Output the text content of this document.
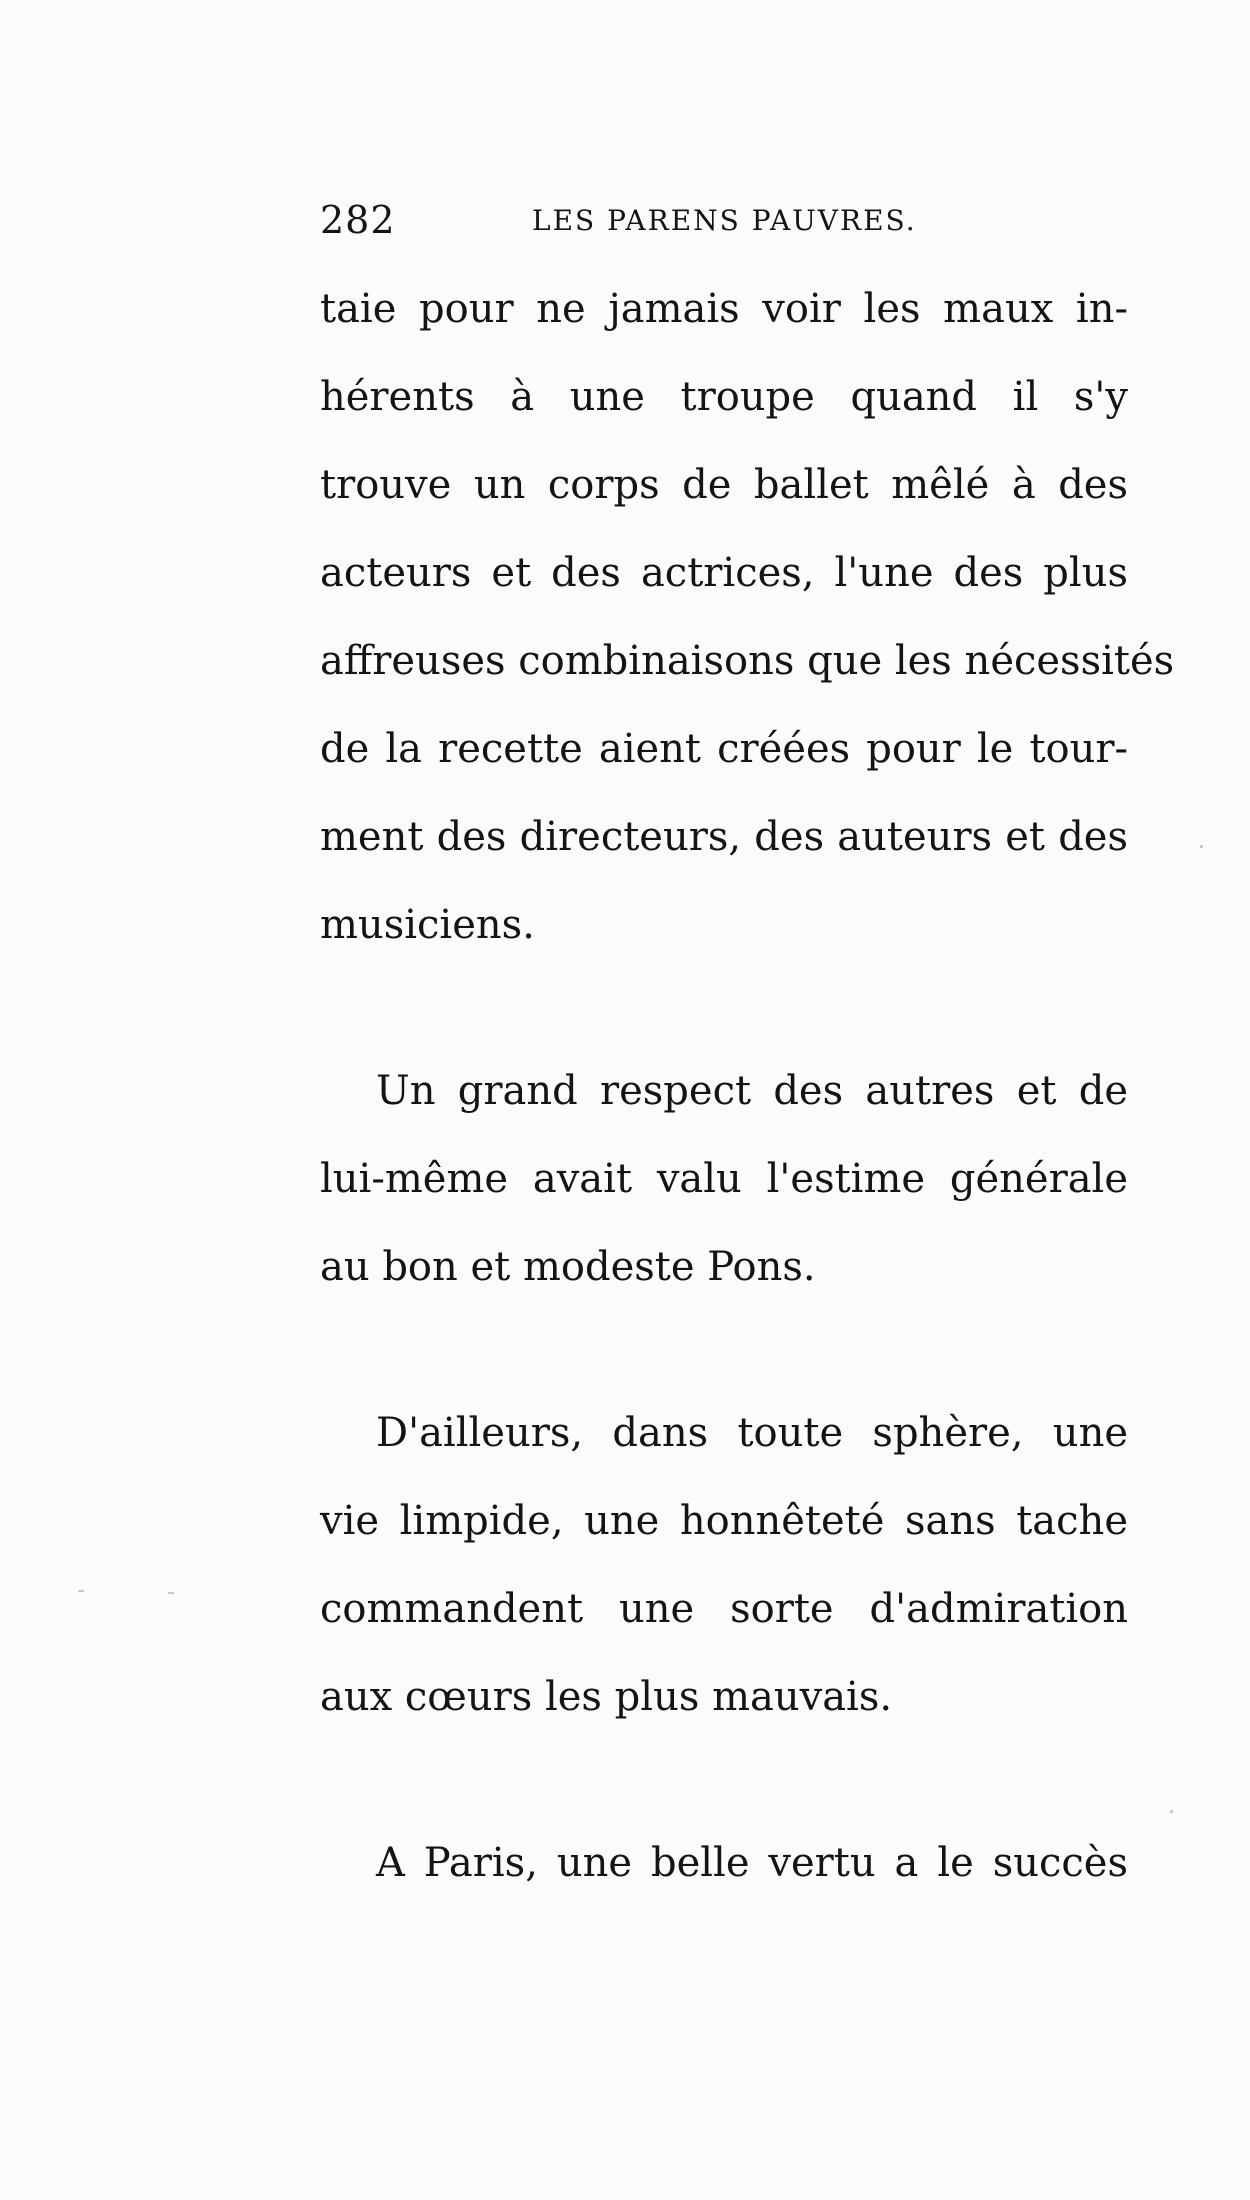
282	LES PARENS PAUVRES.
taie pour ne jamais voir les maux in-
hérents à une troupe quand il s'y
trouve un corps de ballet mêlé à des
acteurs et des actrices, l'une des plus
affreuses combinaisons que les nécessités
de la recette aient créées pour le tour-
ment des directeurs, des auteurs et des
musiciens.
Un grand respect des autres et de
lui-même avait valu l'estime générale
au bon et modeste Pons.
D'ailleurs, dans toute sphère, une
vie limpide, une honnêteté sans tache
commandent une sorte d'admiration
aux cœurs les plus mauvais.
A Paris, une belle vertu a le succès
